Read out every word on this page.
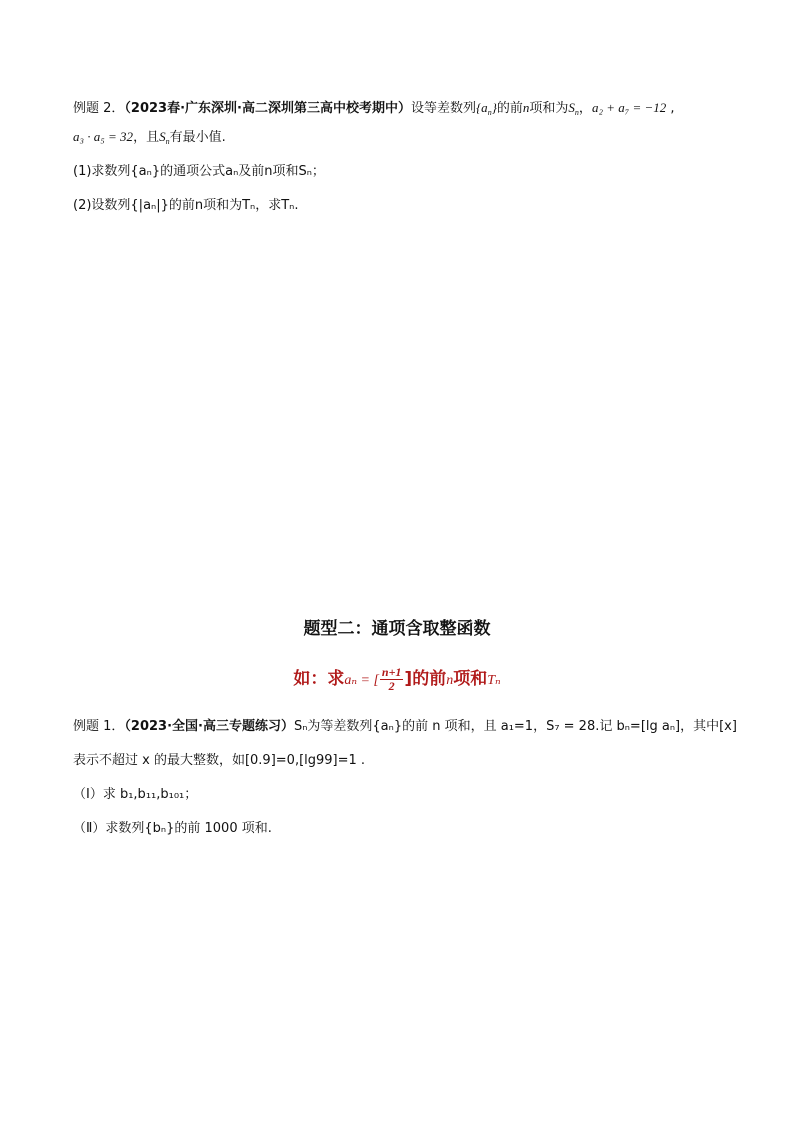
例题 2．（2023春·广东深圳·高二深圳第三高中校考期中）设等差数列$\{a_n\}$的前n项和为$S_n$，a₂ + a₇ = −12 ,
a₃ · a₅ = 32，且$S_n$有最小值.
(1)求数列{aₙ}的通项公式aₙ及前n项和Sₙ；
(2)设数列{|aₙ|}的前n项和为Tₙ，求Tₙ.
题型二：通项含取整函数
如：求aₙ = [ $\frac{n+1}{2}$ ]的前n项和Tₙ
例题 1．（2023·全国·高三专题练习）Sₙ为等差数列{aₙ}的前 n 项和，且 a₁=1，S₇ = 28.记 bₙ=[lg aₙ]，其中[x]
表示不超过 x 的最大整数，如[0.9]=0,[lg99]=1 .
（Ⅰ）求 b₁,b₁₁,b₁₀₁；
（Ⅱ）求数列{bₙ}的前 1000 项和.
